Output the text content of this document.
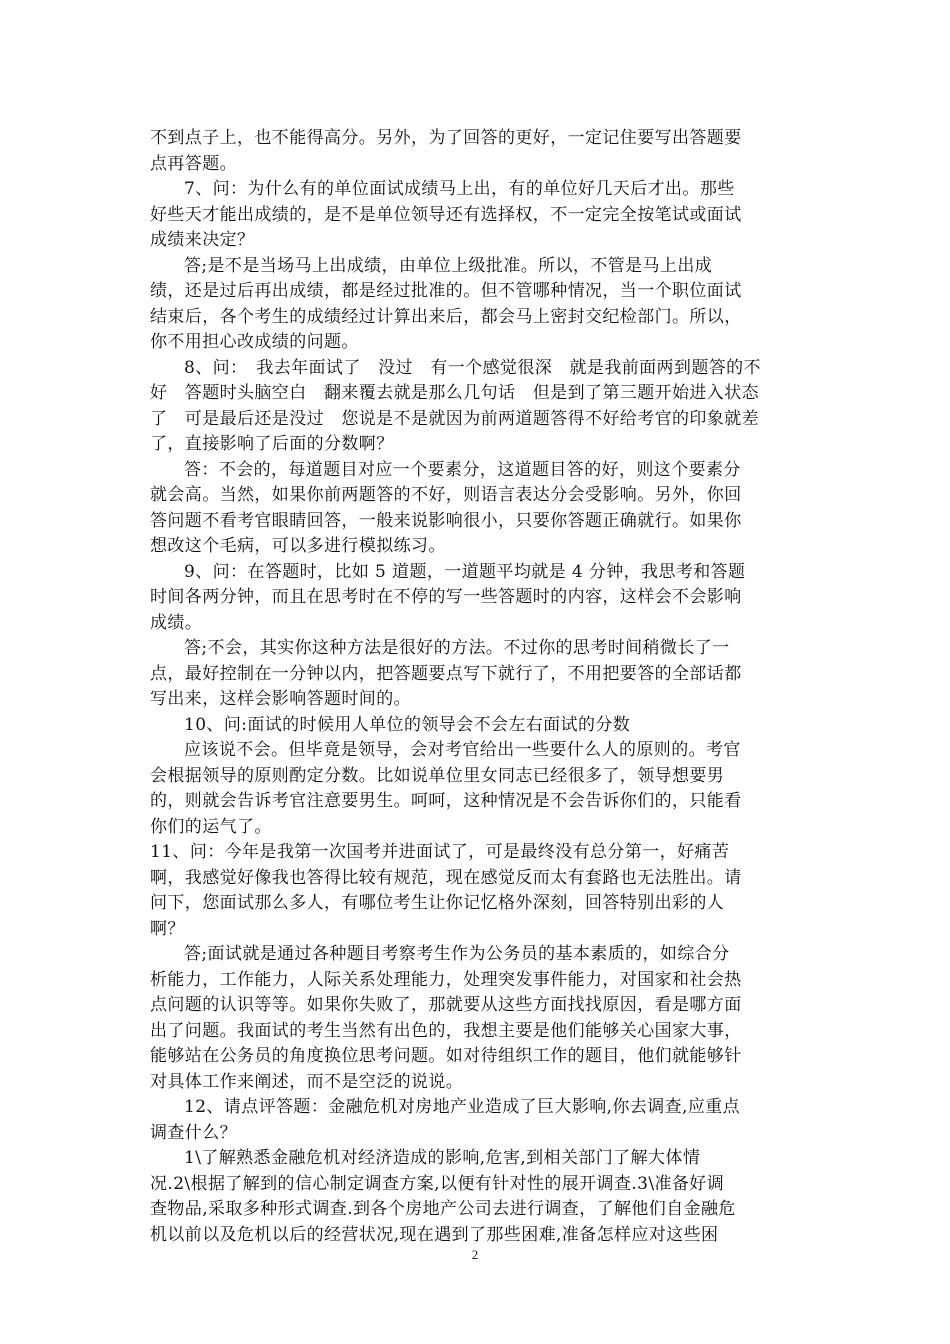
不到点子上，也不能得高分。另外，为了回答的更好，一定记住要写出答题要
点再答题。
7、问：为什么有的单位面试成绩马上出，有的单位好几天后才出。那些
好些天才能出成绩的，是不是单位领导还有选择权，不一定完全按笔试或面试
成绩来决定？
答;是不是当场马上出成绩，由单位上级批准。所以，不管是马上出成
绩，还是过后再出成绩，都是经过批准的。但不管哪种情况，当一个职位面试
结束后，各个考生的成绩经过计算出来后，都会马上密封交纪检部门。所以，
你不用担心改成绩的问题。
8、问：　我去年面试了　没过　有一个感觉很深　就是我前面两到题答的不
好　答题时头脑空白　翻来覆去就是那么几句话　但是到了第三题开始进入状态
了　可是最后还是没过　您说是不是就因为前两道题答得不好给考官的印象就差
了，直接影响了后面的分数啊？
答：不会的，每道题目对应一个要素分，这道题目答的好，则这个要素分
就会高。当然，如果你前两题答的不好，则语言表达分会受影响。另外，你回
答问题不看考官眼睛回答，一般来说影响很小，只要你答题正确就行。如果你
想改这个毛病，可以多进行模拟练习。
9、问：在答题时，比如 5 道题，一道题平均就是 4 分钟，我思考和答题
时间各两分钟，而且在思考时在不停的写一些答题时的内容，这样会不会影响
成绩。
答;不会，其实你这种方法是很好的方法。不过你的思考时间稍微长了一
点，最好控制在一分钟以内，把答题要点写下就行了，不用把要答的全部话都
写出来，这样会影响答题时间的。
10、问:面试的时候用人单位的领导会不会左右面试的分数
应该说不会。但毕竟是领导，会对考官给出一些要什么人的原则的。考官
会根据领导的原则酌定分数。比如说单位里女同志已经很多了，领导想要男
的，则就会告诉考官注意要男生。呵呵，这种情况是不会告诉你们的，只能看
你们的运气了。
11、问：今年是我第一次国考并进面试了，可是最终没有总分第一，好痛苦
啊，我感觉好像我也答得比较有规范，现在感觉反而太有套路也无法胜出。请
问下，您面试那么多人，有哪位考生让你记忆格外深刻，回答特别出彩的人
啊？
答;面试就是通过各种题目考察考生作为公务员的基本素质的，如综合分
析能力，工作能力，人际关系处理能力，处理突发事件能力，对国家和社会热
点问题的认识等等。如果你失败了，那就要从这些方面找找原因，看是哪方面
出了问题。我面试的考生当然有出色的，我想主要是他们能够关心国家大事，
能够站在公务员的角度换位思考问题。如对待组织工作的题目，他们就能够针
对具体工作来阐述，而不是空泛的说说。
12、请点评答题：金融危机对房地产业造成了巨大影响,你去调查,应重点
调查什么？
1\了解熟悉金融危机对经济造成的影响,危害,到相关部门了解大体情
况.2\根据了解到的信心制定调查方案,以便有针对性的展开调查.3\准备好调
查物品,采取多种形式调查.到各个房地产公司去进行调查，了解他们自金融危
机以前以及危机以后的经营状况,现在遇到了那些困难,准备怎样应对这些困
2
